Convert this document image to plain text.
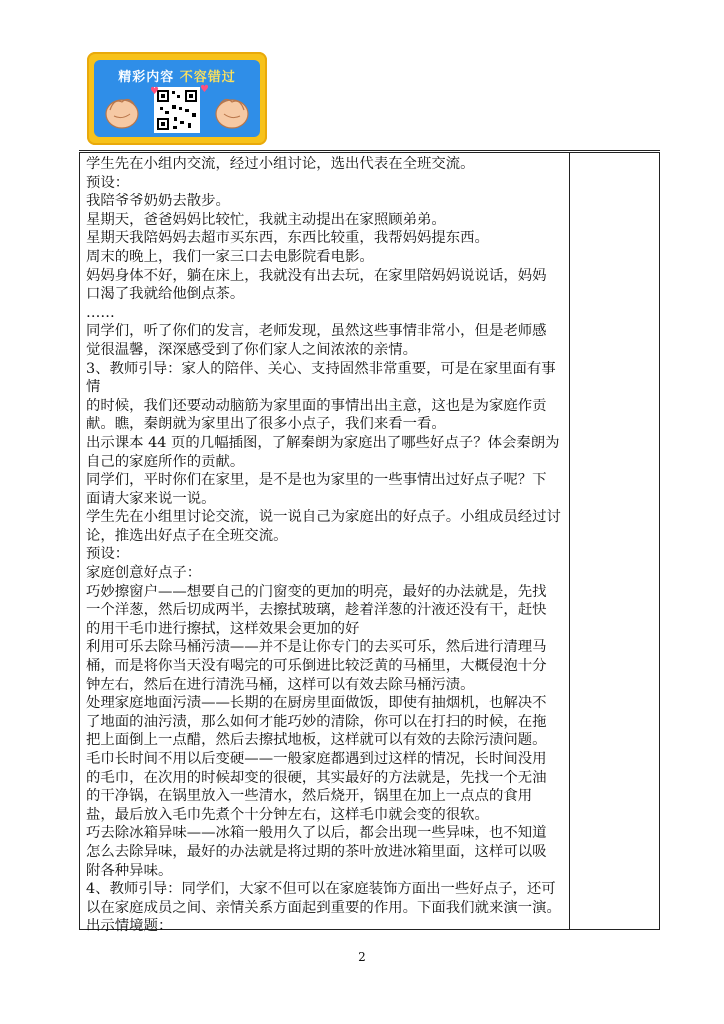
精彩内容 不容错过
♥	♥

学生先在小组内交流，经过小组讨论，选出代表在全班交流。

预设：

我陪爷爷奶奶去散步。

星期天，爸爸妈妈比较忙，我就主动提出在家照顾弟弟。

星期天我陪妈妈去超市买东西，东西比较重，我帮妈妈提东西。

周末的晚上，我们一家三口去电影院看电影。

妈妈身体不好，躺在床上，我就没有出去玩，在家里陪妈妈说说话，妈妈

口渴了我就给他倒点茶。

……

同学们，听了你们的发言，老师发现，虽然这些事情非常小，但是老师感

觉很温馨，深深感受到了你们家人之间浓浓的亲情。

3、教师引导：家人的陪伴、关心、支持固然非常重要，可是在家里面有事情

的时候，我们还要动动脑筋为家里面的事情出出主意，这也是为家庭作贡

献。瞧，秦朗就为家里出了很多小点子，我们来看一看。

出示课本 44 页的几幅插图，了解秦朗为家庭出了哪些好点子？体会秦朗为

自己的家庭所作的贡献。

同学们，平时你们在家里，是不是也为家里的一些事情出过好点子呢？下

面请大家来说一说。

学生先在小组里讨论交流，说一说自己为家庭出的好点子。小组成员经过讨

论，推选出好点子在全班交流。

预设：

家庭创意好点子：

巧妙擦窗户——想要自己的门窗变的更加的明亮，最好的办法就是，先找

一个洋葱，然后切成两半，去擦拭玻璃，趁着洋葱的汁液还没有干，赶快

的用干毛巾进行擦拭，这样效果会更加的好

利用可乐去除马桶污渍——并不是让你专门的去买可乐，然后进行清理马

桶，而是将你当天没有喝完的可乐倒进比较泛黄的马桶里，大概侵泡十分

钟左右，然后在进行清洗马桶，这样可以有效去除马桶污渍。

处理家庭地面污渍——长期的在厨房里面做饭，即使有抽烟机，也解决不

了地面的油污渍，那么如何才能巧妙的清除，你可以在打扫的时候，在拖

把上面倒上一点醋，然后去擦拭地板，这样就可以有效的去除污渍问题。

毛巾长时间不用以后变硬——一般家庭都遇到过这样的情况，长时间没用

的毛巾，在次用的时候却变的很硬，其实最好的方法就是，先找一个无油

的干净锅，在锅里放入一些清水，然后烧开，锅里在加上一点点的食用

盐，最后放入毛巾先煮个十分钟左右，这样毛巾就会变的很软。

巧去除冰箱异味——冰箱一般用久了以后，都会出现一些异味，也不知道

怎么去除异味，最好的办法就是将过期的茶叶放进冰箱里面，这样可以吸

附各种异味。

4、教师引导：同学们，大家不但可以在家庭装饰方面出一些好点子，还可

以在家庭成员之间、亲情关系方面起到重要的作用。下面我们就来演一演。

出示情境题：

2
